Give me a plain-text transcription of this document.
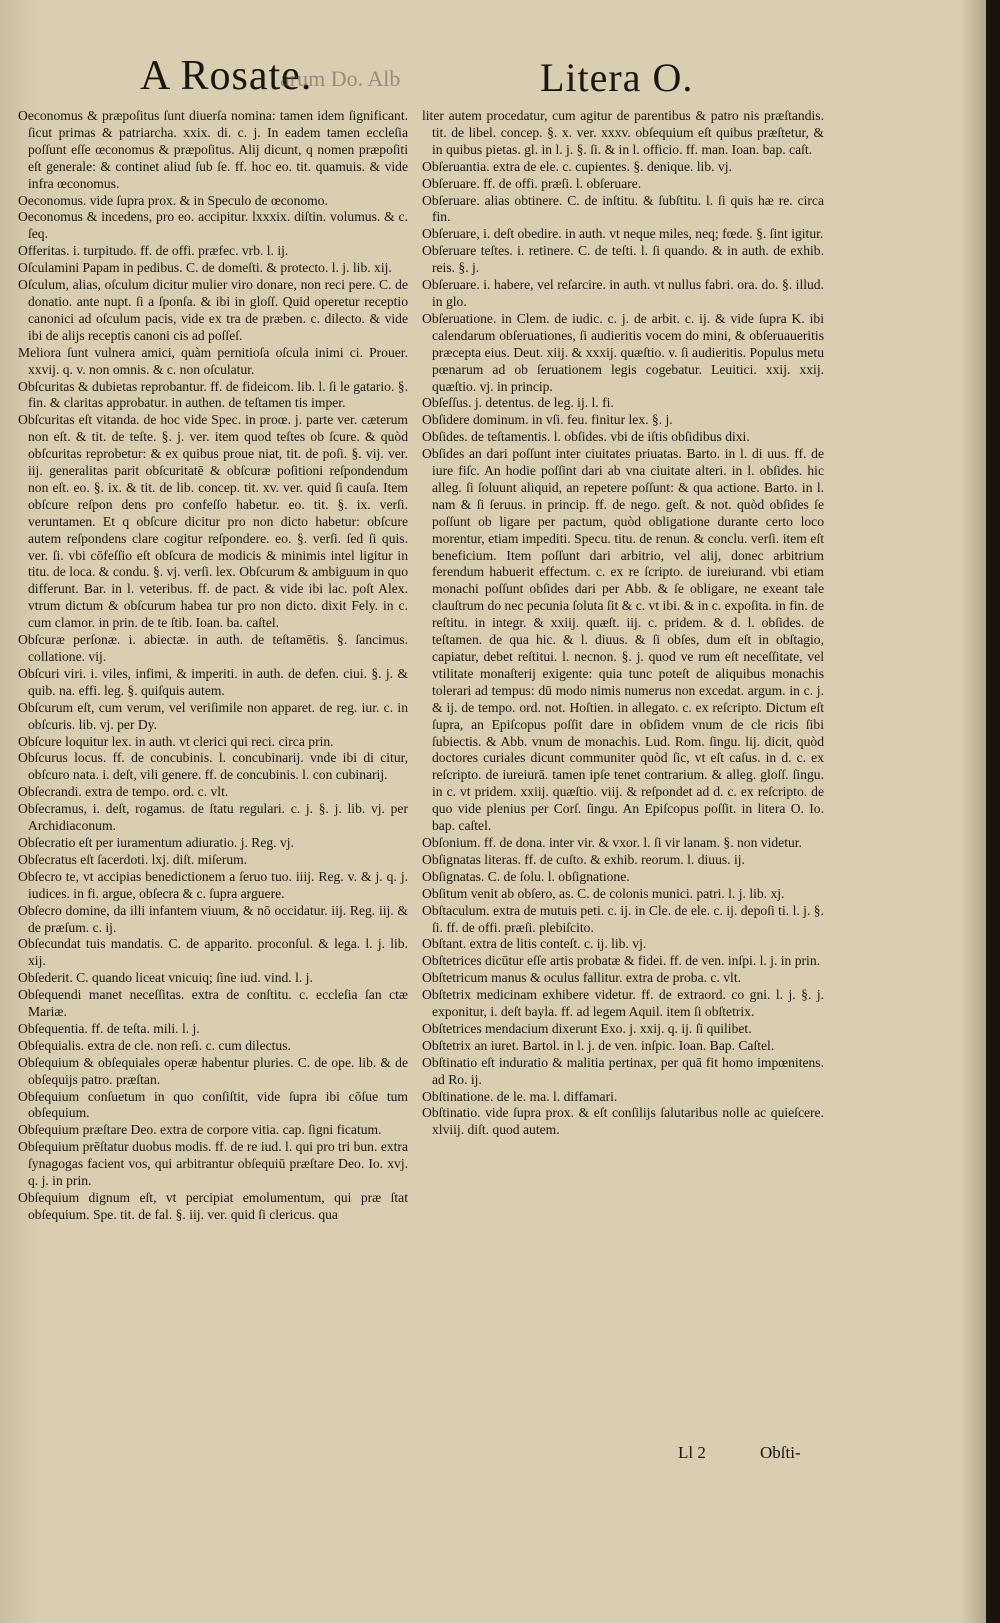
A Rosate.
arum Do. Alb	Litera O.
Oeconomus & præpoſitus ſunt diuerſa nomina: tamen idem ſignificant. ſicut primas & patriarcha. xxix. di. c. j. In eadem tamen eccleſia poſſunt eſſe œconomus & præpoſitus. Alij dicunt, q nomen præpoſiti eſt generale: & continet aliud ſub ſe. ff. hoc eo. tit. quamuis. & vide infra œconomus.
Oeconomus. vide ſupra prox. & in Speculo de œconomo.
Oeconomus & incedens, pro eo. accipitur. lxxxix. diſtin. volumus. & c. ſeq.
Offeritas. i. turpitudo. ff. de offi. præfec. vrb. l. ij.
Oſculamini Papam in pedibus. C. de domeſti. & protecto. l. j. lib. xij.
Oſculum, alias, oſculum dicitur mulier viro donare, non reci pere. C. de donatio. ante nupt. ſi a ſponſa. & ibi in gloſſ. Quid operetur receptio canonici ad oſculum pacis, vide ex tra de præben. c. dilecto. & vide ibi de alijs receptis canoni cis ad poſſeſ.
Meliora ſunt vulnera amici, quàm pernitioſa oſcula inimi ci. Prouer. xxvij. q. v. non omnis. & c. non oſculatur.
Obſcuritas & dubietas reprobantur. ff. de fideicom. lib. l. ſi le gatario. §. fin. & claritas approbatur. in authen. de teſtamen tis imper.
Obſcuritas eſt vitanda. de hoc vide Spec. in proœ. j. parte ver. cæterum non eſt. & tit. de teſte. §. j. ver. item quod teſtes ob ſcure. & quòd obſcuritas reprobetur: & ex quibus proue niat, tit. de poſi. §. vij. ver. iij. generalitas parit obſcuritatē & obſcuræ poſitioni reſpondendum non eſt. eo. §. ix. & tit. de lib. concep. tit. xv. ver. quid ſi cauſa. Item obſcure reſpon dens pro confeſſo habetur. eo. tit. §. ix. verſi. veruntamen. Et q obſcure dicitur pro non dicto habetur: obſcure autem reſpondens clare cogitur reſpondere. eo. §. verſi. ſed ſi quis. ver. ſi. vbi cōfeſſio eſt obſcura de modicis & minimis intel ligitur in titu. de loca. & condu. §. vj. verſi. lex. Obſcurum & ambiguum in quo differunt. Bar. in l. veteribus. ff. de pact. & vide ibi lac. poſt Alex. vtrum dictum & obſcurum habea tur pro non dicto. dixit Fely. in c. cum clamor. in prin. de te ſtib. Ioan. ba. caſtel.
Obſcuræ perſonæ. i. abiectæ. in auth. de teſtamētis. §. ſancimus. collatione. vij.
Obſcuri viri. i. viles, infimi, & imperiti. in auth. de defen. ciui. §. j. & quib. na. effi. leg. §. quiſquis autem.
Obſcurum eſt, cum verum, vel veriſimile non apparet. de reg. iur. c. in obſcuris. lib. vj. per Dy.
Obſcure loquitur lex. in auth. vt clerici qui reci. circa prin.
Obſcurus locus. ff. de concubinis. l. concubinarij. vnde ibi di citur, obſcuro nata. i. deſt, vili genere. ff. de concubinis. l. con cubinarij.
Obſecrandi. extra de tempo. ord. c. vlt.
Obſecramus, i. deſt, rogamus. de ſtatu regulari. c. j. §. j. lib. vj. per Archidiaconum.
Obſecratio eſt per iuramentum adiuratio. j. Reg. vj.
Obſecratus eſt ſacerdoti. lxj. diſt. miſerum.
Obſecro te, vt accipias benedictionem a ſeruo tuo. iiij. Reg. v. & j. q. j. iudices. in fi. argue, obſecra & c. ſupra arguere.
Obſecro domine, da illi infantem viuum, & nō occidatur. iij. Reg. iij. & de præſum. c. ij.
Obſecundat tuis mandatis. C. de apparito. proconſul. & lega. l. j. lib. xij.
Obſederit. C. quando liceat vnicuiq; ſine iud. vind. l. j.
Obſequendi manet neceſſitas. extra de conſtitu. c. eccleſia ſan ctæ Mariæ.
Obſequentia. ff. de teſta. mili. l. j.
Obſequialis. extra de cle. non reſi. c. cum dilectus.
Obſequium & obſequiales operæ habentur pluries. C. de ope. lib. & de obſequijs patro. præſtan.
Obſequium conſuetum in quo conſiſtit, vide ſupra ibi cōſue tum obſequium.
Obſequium præſtare Deo. extra de corpore vitia. cap. ſigni ficatum.
Obſequium prēſtatur duobus modis. ff. de re iud. l. qui pro tri bun. extra ſynagogas facient vos, qui arbitrantur obſequiū præſtare Deo. Io. xvj. q. j. in prin.
Obſequium dignum eſt, vt percipiat emolumentum, qui præ ſtat obſequium. Spe. tit. de fal. §. iij. ver. quid ſi clericus. qua
liter autem procedatur, cum agitur de parentibus & patro nis præſtandis. tit. de libel. concep. §. x. ver. xxxv. obſequium eſt quibus præſtetur, & in quibus pietas. gl. in l. j. §. ſi. & in l. officio. ff. man. Ioan. bap. caſt.
Obſeruantia. extra de ele. c. cupientes. §. denique. lib. vj.
Obſeruare. ff. de offi. præſi. l. obſeruare.
Obſeruare. alias obtinere. C. de inſtitu. & ſubſtitu. l. ſi quis hæ re. circa fin.
Obſeruare, i. deſt obedire. in auth. vt neque miles, neq; fœde. §. ſint igitur.
Obſeruare teſtes. i. retinere. C. de teſti. l. ſi quando. & in auth. de exhib. reis. §. j.
Obſeruare. i. habere, vel reſarcire. in auth. vt nullus fabri. ora. do. §. illud. in glo.
Obſeruatione. in Clem. de iudic. c. j. de arbit. c. ij. & vide ſupra K. ibi calendarum obſeruationes, ſi audieritis vocem do mini, & obſeruaueritis præcepta eius. Deut. xiij. & xxxij. quæſtio. v. ſi audieritis. Populus metu pœnarum ad ob ſeruationem legis cogebatur. Leuitici. xxij. xxij. quæſtio. vj. in princip.
Obſeſſus. j. detentus. de leg. ij. l. fi.
Obſidere dominum. in vſi. feu. finitur lex. §. j.
Obſides. de teſtamentis. l. obſides. vbi de iſtis obſidibus dixi.
Obſides an dari poſſunt inter ciuitates priuatas. Barto. in l. di uus. ff. de iure fiſc. An hodie poſſint dari ab vna ciuitate alteri. in l. obſides. hic alleg. ſi ſoluunt aliquid, an repetere poſſunt: & qua actione. Barto. in l. nam & ſi ſeruus. in princip. ff. de nego. geſt. & not. quòd obſides ſe poſſunt ob ligare per pactum, quòd obligatione durante certo loco morentur, etiam impediti. Specu. titu. de renun. & conclu. verſi. item eſt beneficium. Item poſſunt dari arbitrio, vel alij, donec arbitrium ferendum habuerit effectum. c. ex re ſcripto. de iureiurand. vbi etiam monachi poſſunt obſides dari per Abb. & ſe obligare, ne exeant tale clauſtrum do nec pecunia ſoluta ſit & c. vt ibi. & in c. expoſita. in fin. de reſtitu. in integr. & xxiij. quæſt. iij. c. pridem. & d. l. obſides. de teſtamen. de qua hic. & l. diuus. & ſi obſes, dum eſt in obſtagio, capiatur, debet reſtitui. l. necnon. §. j. quod ve rum eſt neceſſitate, vel vtilitate monaſterij exigente: quia tunc poteſt de aliquibus monachis tolerari ad tempus: dū modo nimis numerus non excedat. argum. in c. j. & ij. de tempo. ord. not. Hoſtien. in allegato. c. ex reſcripto. Dictum eſt ſupra, an Epiſcopus poſſit dare in obſidem vnum de cle ricis ſibi ſubiectis. & Abb. vnum de monachis. Lud. Rom. ſingu. lij. dicit, quòd doctores curiales dicunt communiter quòd ſic, vt eſt caſus. in d. c. ex reſcripto. de iureiurā. tamen ipſe tenet contrarium. & alleg. gloſſ. ſingu. in c. vt pridem. xxiij. quæſtio. viij. & reſpondet ad d. c. ex reſcripto. de quo vide plenius per Corſ. ſingu. An Epiſcopus poſſit. in litera O. Io. bap. caſtel.
Obſonium. ff. de dona. inter vir. & vxor. l. ſi vir lanam. §. non videtur.
Obſignatas literas. ff. de cuſto. & exhib. reorum. l. diuus. ij.
Obſignatas. C. de ſolu. l. obſignatione.
Obſitum venit ab obſero, as. C. de colonis munici. patri. l. j. lib. xj.
Obſtaculum. extra de mutuis peti. c. ij. in Cle. de ele. c. ij. depoſi ti. l. j. §. ſi. ff. de offi. præſi. plebiſcito.
Obſtant. extra de litis conteſt. c. ij. lib. vj.
Obſtetrices dicūtur eſſe artis probatæ & fidei. ff. de ven. inſpi. l. j. in prin.
Obſtetricum manus & oculus fallitur. extra de proba. c. vlt.
Obſtetrix medicinam exhibere videtur. ff. de extraord. co gni. l. j. §. j. exponitur, i. deſt bayla. ff. ad legem Aquil. item ſi obſtetrix.
Obſtetrices mendacium dixerunt Exo. j. xxij. q. ij. ſi quilibet.
Obſtetrix an iuret. Bartol. in l. j. de ven. inſpic. Ioan. Bap. Caſtel.
Obſtinatio eſt induratio & malitia pertinax, per quā fit homo impœnitens. ad Ro. ij.
Obſtinatione. de le. ma. l. diffamari.
Obſtinatio. vide ſupra prox. & eſt conſilijs ſalutaribus nolle ac quieſcere. xlviij. diſt. quod autem.
Ll 2	Obſti-
